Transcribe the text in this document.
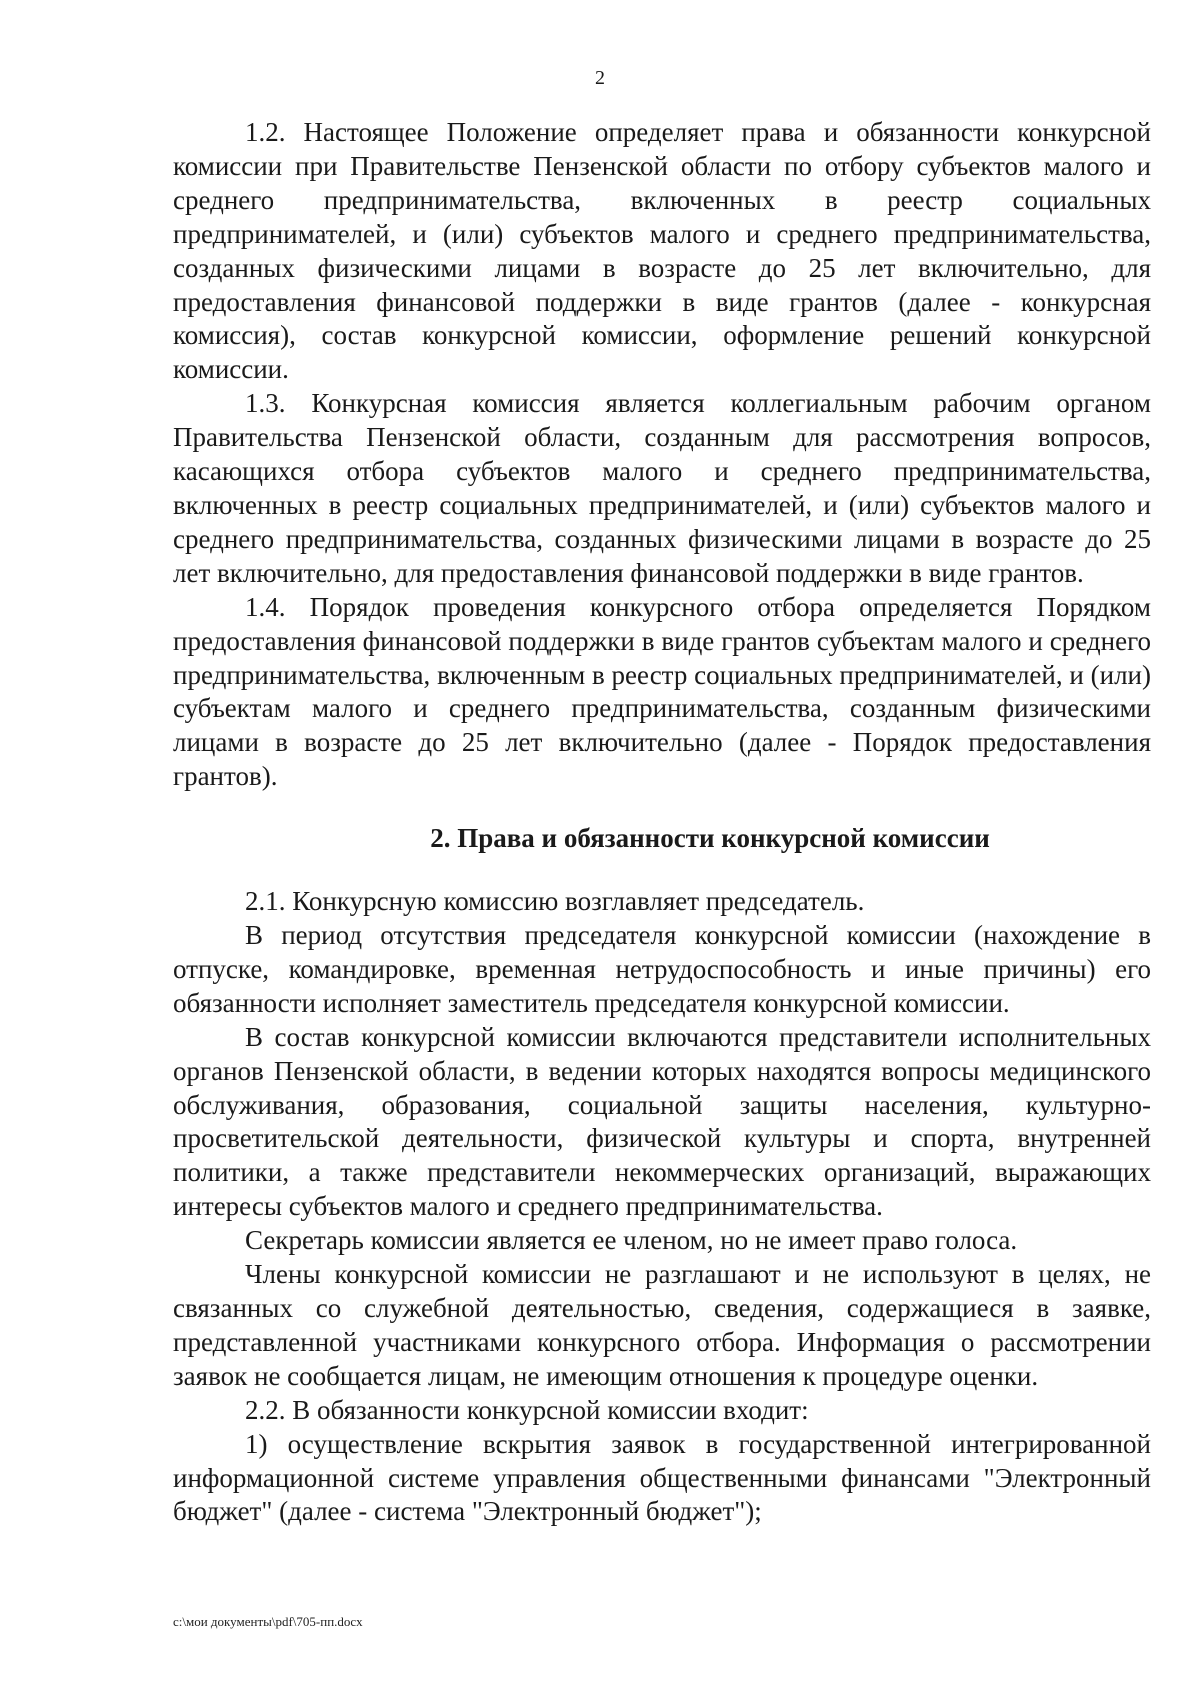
2

1.2. Настоящее Положение определяет права и обязанности конкурсной комиссии при Правительстве Пензенской области по отбору субъектов малого и среднего предпринимательства, включенных в реестр социальных предпринимателей, и (или) субъектов малого и среднего предпринимательства, созданных физическими лицами в возрасте до 25 лет включительно, для предоставления финансовой поддержки в виде грантов (далее - конкурсная комиссия), состав конкурсной комиссии, оформление решений конкурсной комиссии.

1.3. Конкурсная комиссия является коллегиальным рабочим органом Правительства Пензенской области, созданным для рассмотрения вопросов, касающихся отбора субъектов малого и среднего предпринимательства, включенных в реестр социальных предпринимателей, и (или) субъектов малого и среднего предпринимательства, созданных физическими лицами в возрасте до 25 лет включительно, для предоставления финансовой поддержки в виде грантов.

1.4. Порядок проведения конкурсного отбора определяется Порядком предоставления финансовой поддержки в виде грантов субъектам малого и среднего предпринимательства, включенным в реестр социальных предпринимателей, и (или) субъектам малого и среднего предпринимательства, созданным физическими лицами в возрасте до 25 лет включительно (далее - Порядок предоставления грантов).

2. Права и обязанности конкурсной комиссии

2.1. Конкурсную комиссию возглавляет председатель.

В период отсутствия председателя конкурсной комиссии (нахождение в отпуске, командировке, временная нетрудоспособность и иные причины) его обязанности исполняет заместитель председателя конкурсной комиссии.

В состав конкурсной комиссии включаются представители исполнительных органов Пензенской области, в ведении которых находятся вопросы медицинского обслуживания, образования, социальной защиты населения, культурно-просветительской деятельности, физической культуры и спорта, внутренней политики, а также представители некоммерческих организаций, выражающих интересы субъектов малого и среднего предпринимательства.

Секретарь комиссии является ее членом, но не имеет право голоса.

Члены конкурсной комиссии не разглашают и не используют в целях, не связанных со служебной деятельностью, сведения, содержащиеся в заявке, представленной участниками конкурсного отбора. Информация о рассмотрении заявок не сообщается лицам, не имеющим отношения к процедуре оценки.

2.2. В обязанности конкурсной комиссии входит:

1) осуществление вскрытия заявок в государственной интегрированной информационной системе управления общественными финансами "Электронный бюджет" (далее - система "Электронный бюджет");

c:\мои документы\pdf\705-пп.docx
